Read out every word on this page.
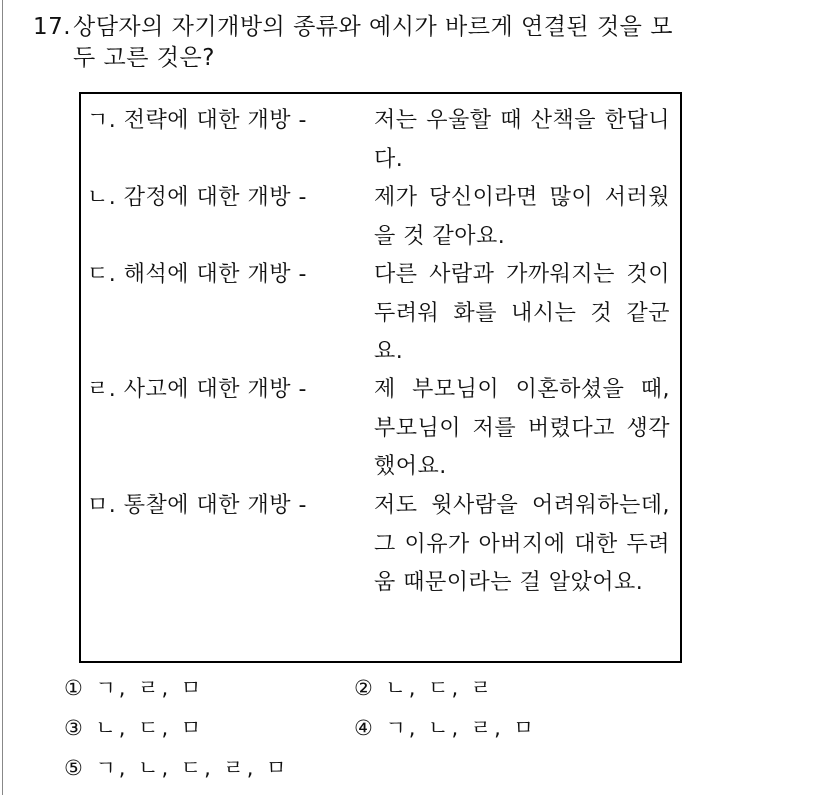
17.상담자의 자기개방의 종류와 예시가 바르게 연결된 것을 모
두 고른 것은?
ㄱ. 전략에 대한 개방 -	저는 우울할 때 산책을 한답니다.
ㄴ. 감정에 대한 개방 -	제가 당신이라면 많이 서러웠을 것 같아요.
ㄷ. 해석에 대한 개방 -	다른 사람과 가까워지는 것이 두려워 화를 내시는 것 같군요.
ㄹ. 사고에 대한 개방 -	제 부모님이 이혼하셨을 때, 부모님이 저를 버렸다고 생각했어요.
ㅁ. 통찰에 대한 개방 -	저도 윗사람을 어려워하는데, 그 이유가 아버지에 대한 두려움 때문이라는 걸 알았어요.
① ㄱ, ㄹ, ㅁ	② ㄴ, ㄷ, ㄹ
③ ㄴ, ㄷ, ㅁ	④ ㄱ, ㄴ, ㄹ, ㅁ
⑤ ㄱ, ㄴ, ㄷ, ㄹ, ㅁ
